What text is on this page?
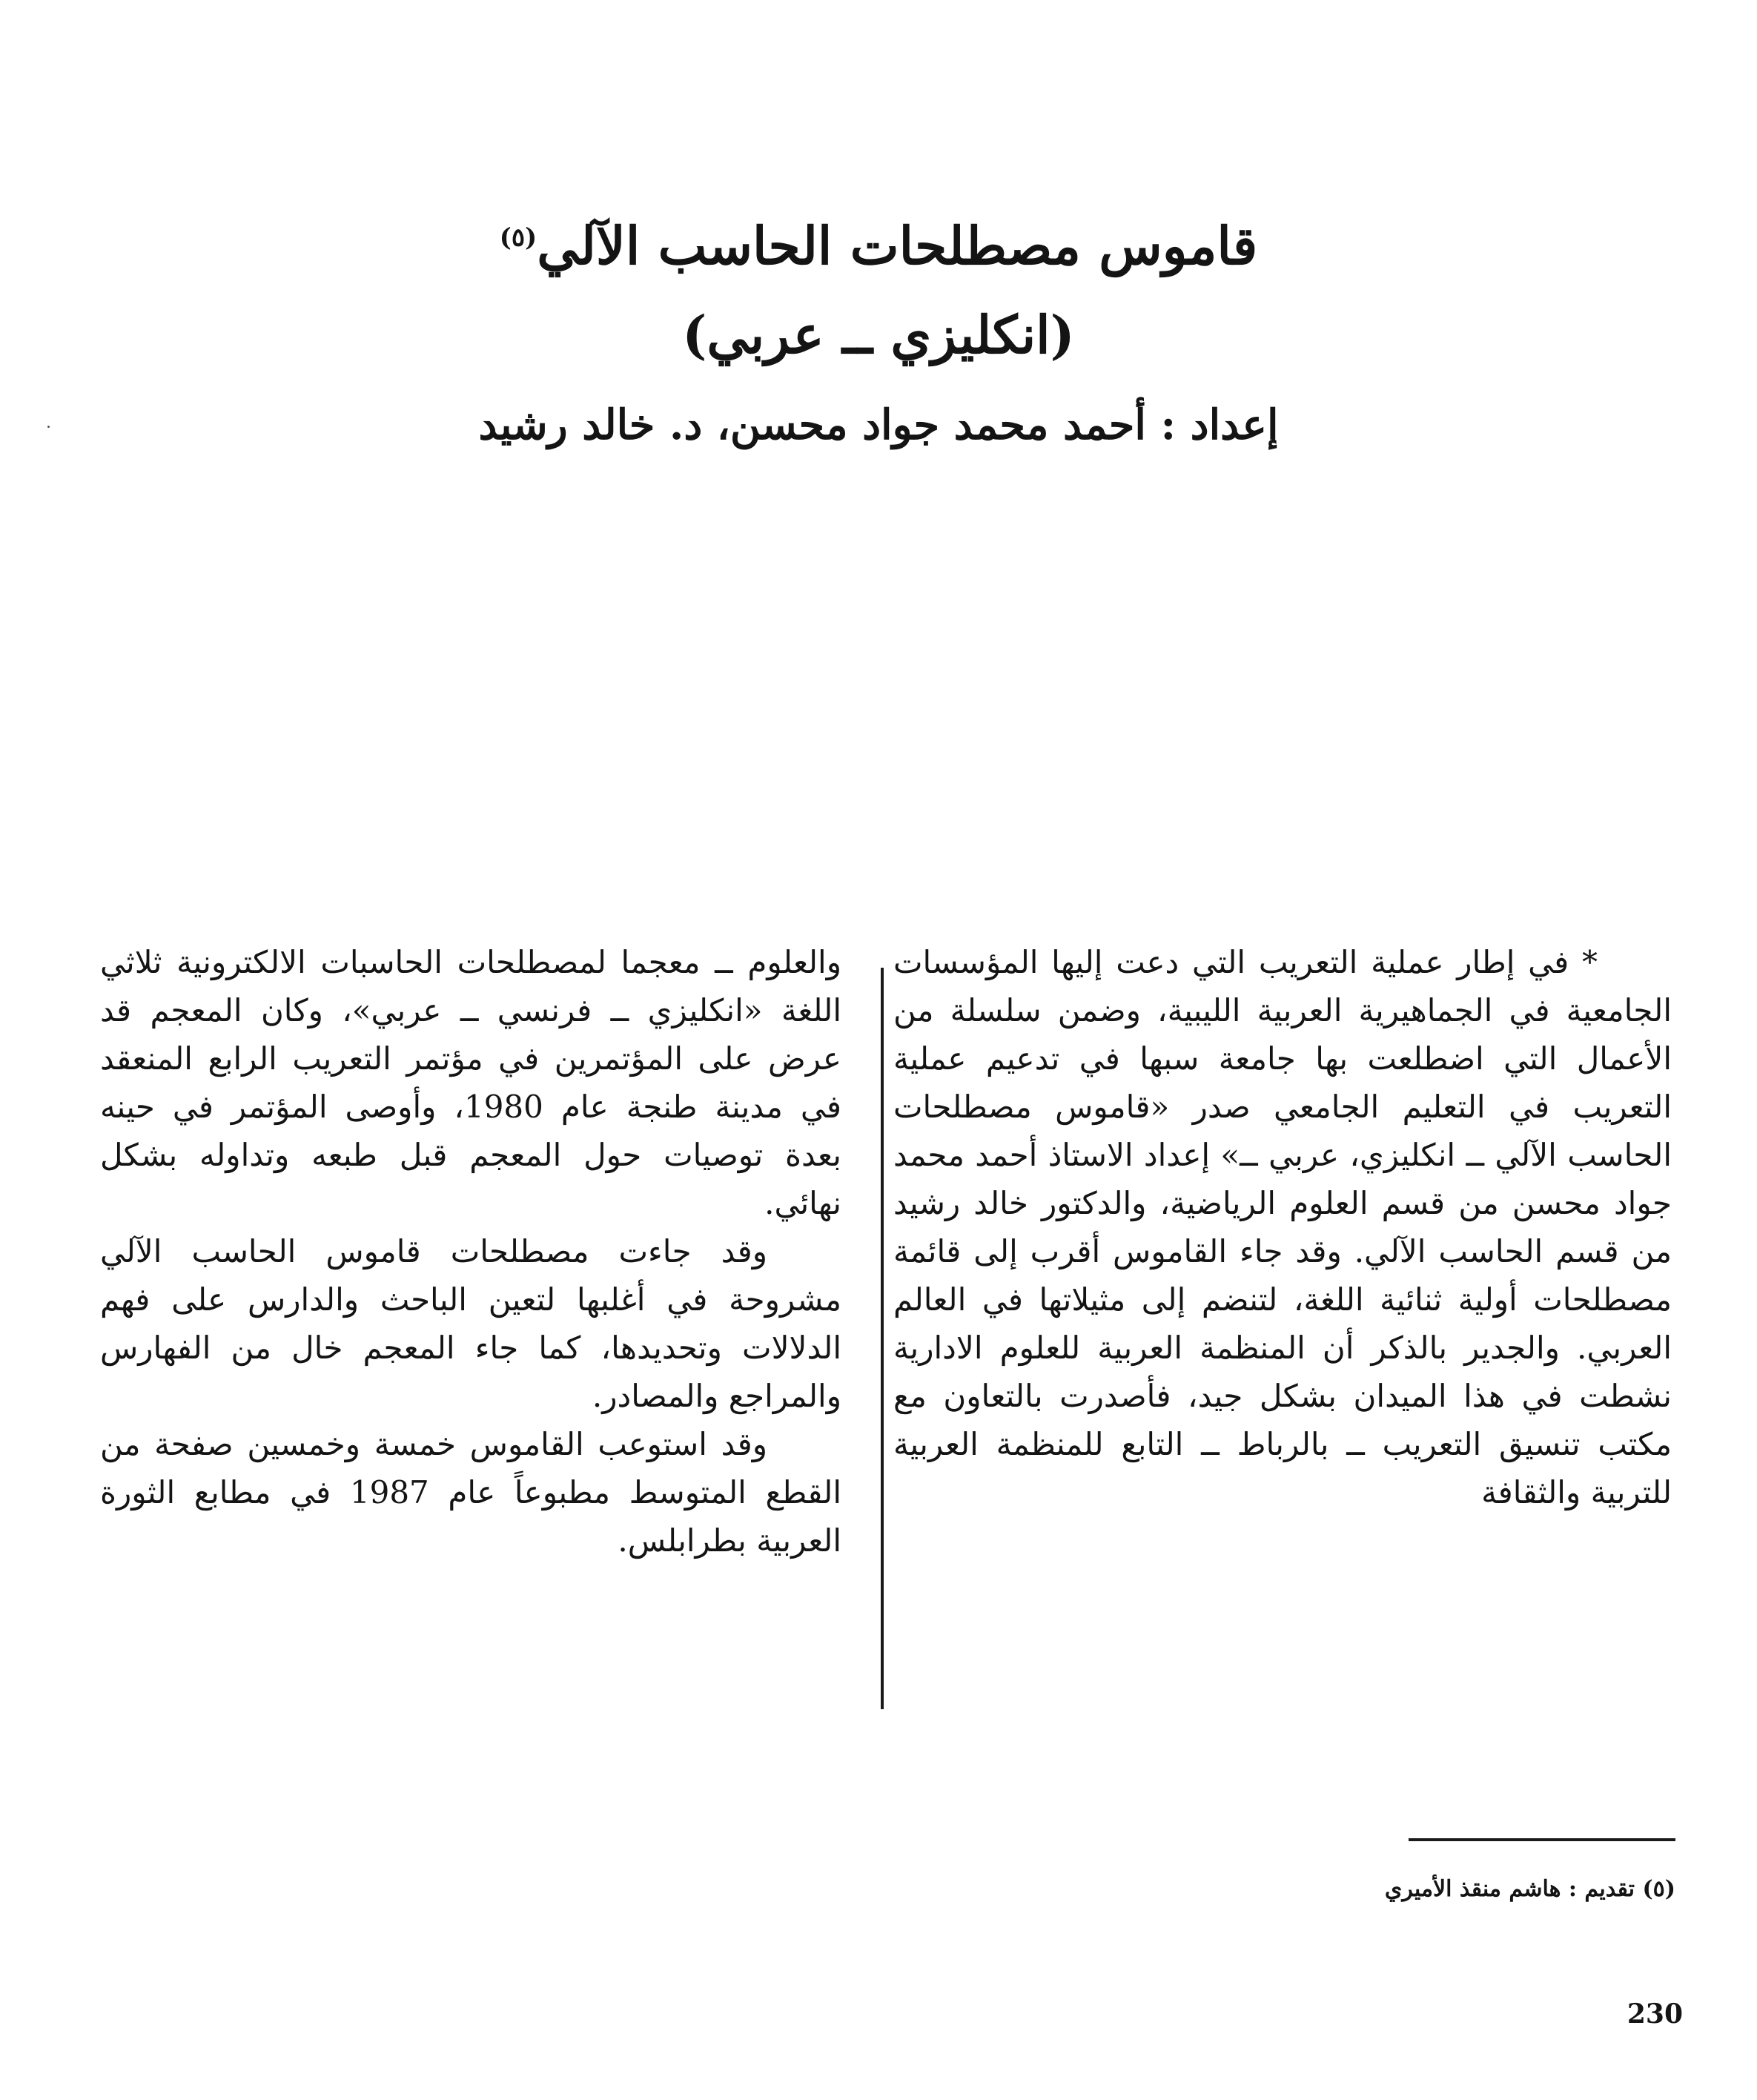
قاموس مصطلحات الحاسب الآلي$^{(٥)}$
(انكليزي ــ عربي)
إعداد : أحمد محمد جواد محسن، د. خالد رشيد

* في إطار عملية التعريب التي دعت إليها المؤسسات الجامعية في الجماهيرية العربية الليبية، وضمن سلسلة من الأعمال التي اضطلعت بها جامعة سبها في تدعيم عملية التعريب في التعليم الجامعي صدر «قاموس مصطلحات الحاسب الآلي ــ انكليزي، عربي ــ» إعداد الاستاذ أحمد محمد جواد محسن من قسم العلوم الرياضية، والدكتور خالد رشيد من قسم الحاسب الآلي. وقد جاء القاموس أقرب إلى قائمة مصطلحات أولية ثنائية اللغة، لتنضم إلى مثيلاتها في العالم العربي. والجدير بالذكر أن المنظمة العربية للعلوم الادارية نشطت في هذا الميدان بشكل جيد، فأصدرت بالتعاون مع مكتب تنسيق التعريب ــ بالرباط ــ التابع للمنظمة العربية للتربية والثقافة

والعلوم ــ معجما لمصطلحات الحاسبات الالكترونية ثلاثي اللغة «انكليزي ــ فرنسي ــ عربي»، وكان المعجم قد عرض على المؤتمرين في مؤتمر التعريب الرابع المنعقد في مدينة طنجة عام 1980، وأوصى المؤتمر في حينه بعدة توصيات حول المعجم قبل طبعه وتداوله بشكل نهائي.

وقد جاءت مصطلحات قاموس الحاسب الآلي مشروحة في أغلبها لتعين الباحث والدارس على فهم الدلالات وتحديدها، كما جاء المعجم خال من الفهارس والمراجع والمصادر.

وقد استوعب القاموس خمسة وخمسين صفحة من القطع المتوسط مطبوعاً عام 1987 في مطابع الثورة العربية بطرابلس.

(٥) تقديم : هاشم منقذ الأميري
230
